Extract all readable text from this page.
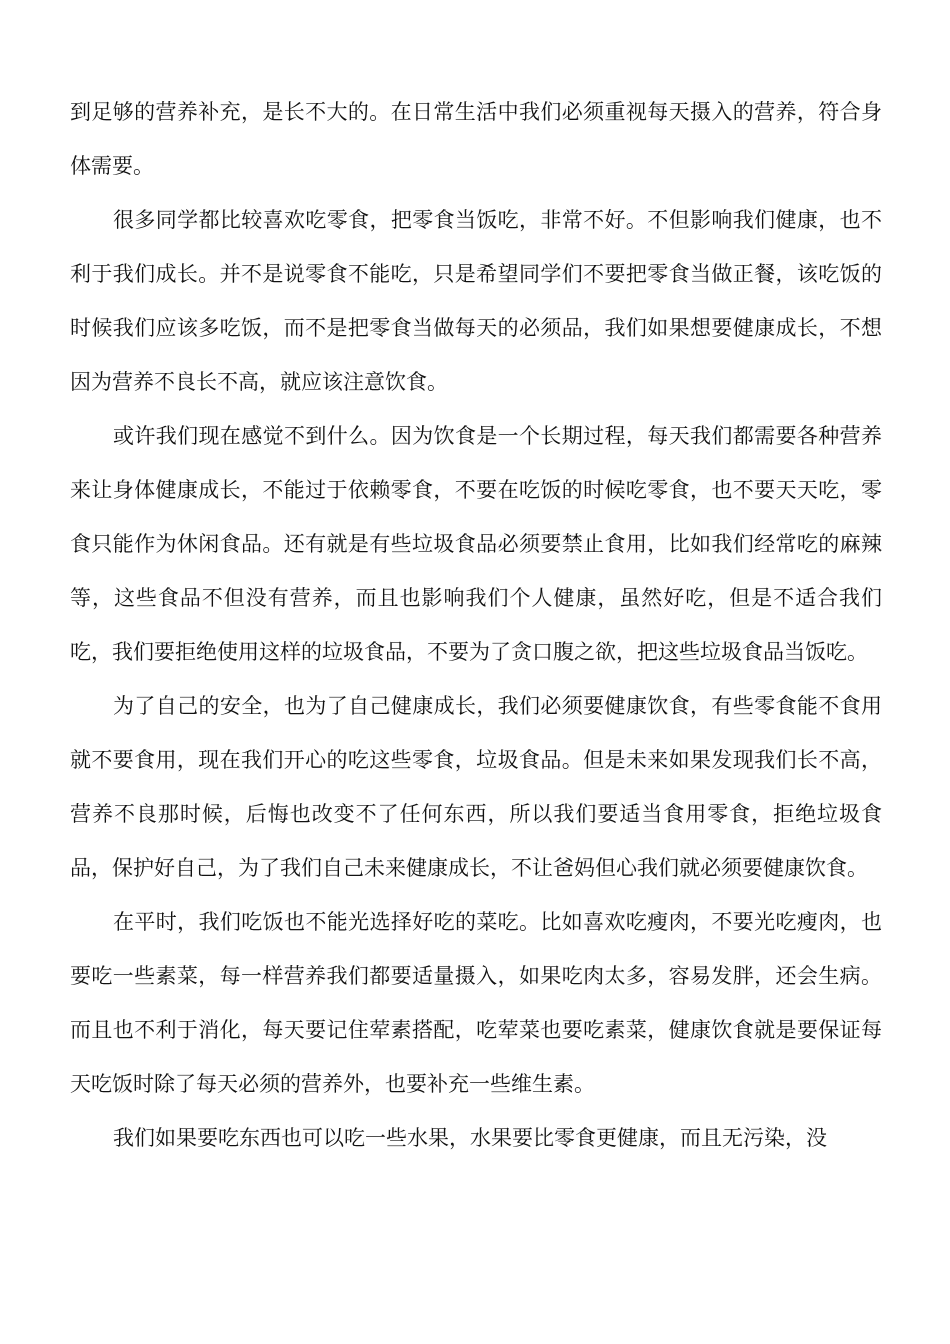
到足够的营养补充，是长不大的。在日常生活中我们必须重视每天摄入的营养，符合身体需要。

很多同学都比较喜欢吃零食，把零食当饭吃，非常不好。不但影响我们健康，也不利于我们成长。并不是说零食不能吃，只是希望同学们不要把零食当做正餐，该吃饭的时候我们应该多吃饭，而不是把零食当做每天的必须品，我们如果想要健康成长，不想因为营养不良长不高，就应该注意饮食。

或许我们现在感觉不到什么。因为饮食是一个长期过程，每天我们都需要各种营养来让身体健康成长，不能过于依赖零食，不要在吃饭的时候吃零食，也不要天天吃，零食只能作为休闲食品。还有就是有些垃圾食品必须要禁止食用，比如我们经常吃的麻辣等，这些食品不但没有营养，而且也影响我们个人健康，虽然好吃，但是不适合我们吃，我们要拒绝使用这样的垃圾食品，不要为了贪口腹之欲，把这些垃圾食品当饭吃。

为了自己的安全，也为了自己健康成长，我们必须要健康饮食，有些零食能不食用就不要食用，现在我们开心的吃这些零食，垃圾食品。但是未来如果发现我们长不高，营养不良那时候，后悔也改变不了任何东西，所以我们要适当食用零食，拒绝垃圾食品，保护好自己，为了我们自己未来健康成长，不让爸妈但心我们就必须要健康饮食。

在平时，我们吃饭也不能光选择好吃的菜吃。比如喜欢吃瘦肉，不要光吃瘦肉，也要吃一些素菜，每一样营养我们都要适量摄入，如果吃肉太多，容易发胖，还会生病。而且也不利于消化，每天要记住荤素搭配，吃荤菜也要吃素菜，健康饮食就是要保证每天吃饭时除了每天必须的营养外，也要补充一些维生素。

我们如果要吃东西也可以吃一些水果，水果要比零食更健康，而且无污染，没
